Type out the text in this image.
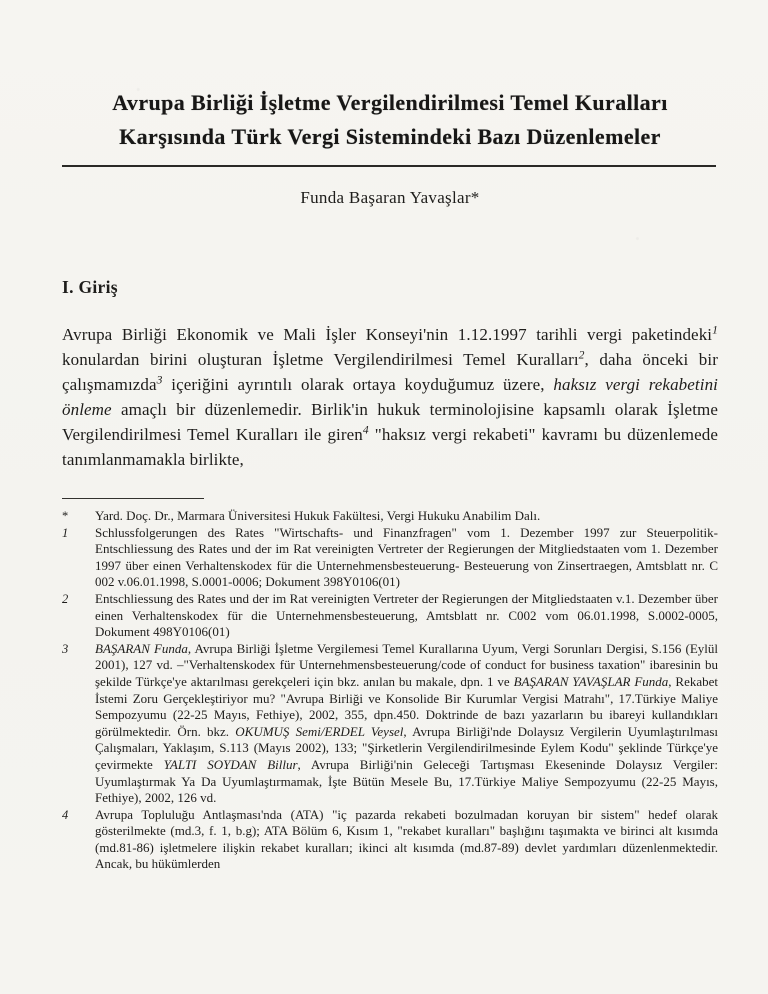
Avrupa Birliği İşletme Vergilendirilmesi Temel Kuralları
Karşısında Türk Vergi Sistemindeki Bazı Düzenlemeler
Funda Başaran Yavaşlar*
I. Giriş

Avrupa Birliği Ekonomik ve Mali İşler Konseyi'nin 1.12.1997 tarihli vergi paketindeki$^1$ konulardan birini oluşturan İşletme Vergilendirilmesi Temel Kuralları$^2$, daha önceki bir çalışmamızda$^3$ içeriğini ayrıntılı olarak ortaya koyduğumuz üzere, haksız vergi rekabetini önleme amaçlı bir düzenlemedir. Birlik'in hukuk terminolojisine kapsamlı olarak İşletme Vergilendirilmesi Temel Kuralları ile giren$^4$ "haksız vergi rekabeti" kavramı bu düzenlemede tanımlanmamakla birlikte,

*	Yard. Doç. Dr., Marmara Üniversitesi Hukuk Fakültesi, Vergi Hukuku Anabilim Dalı.
1	Schlussfolgerungen des Rates "Wirtschafts- und Finanzfragen" vom 1. Dezember 1997 zur Steuerpolitik- Entschliessung des Rates und der im Rat vereinigten Vertreter der Regierungen der Mitgliedstaaten vom 1. Dezember 1997 über einen Verhaltenskodex für die Unternehmensbesteuerung- Besteuerung von Zinsertraegen, Amtsblatt nr. C 002 v.06.01.1998, S.0001-0006; Dokument 398Y0106(01)
2	Entschliessung des Rates und der im Rat vereinigten Vertreter der Regierungen der Mitgliedstaaten v.1. Dezember über einen Verhaltenskodex für die Unternehmensbesteuerung, Amtsblatt nr. C002 vom 06.01.1998, S.0002-0005, Dokument 498Y0106(01)
3	BAŞARAN Funda, Avrupa Birliği İşletme Vergilemesi Temel Kurallarına Uyum, Vergi Sorunları Dergisi, S.156 (Eylül 2001), 127 vd. –"Verhaltenskodex für Unternehmensbesteuerung/code of conduct for business taxation" ibaresinin bu şekilde Türkçe'ye aktarılması gerekçeleri için bkz. anılan bu makale, dpn. 1 ve BAŞARAN YAVAŞLAR Funda, Rekabet İstemi Zoru Gerçekleştiriyor mu? "Avrupa Birliği ve Konsolide Bir Kurumlar Vergisi Matrahı", 17.Türkiye Maliye Sempozyumu (22-25 Mayıs, Fethiye), 2002, 355, dpn.450. Doktrinde de bazı yazarların bu ibareyi kullandıkları görülmektedir. Örn. bkz. OKUMUŞ Semi/ERDEL Veysel, Avrupa Birliği'nde Dolaysız Vergilerin Uyumlaştırılması Çalışmaları, Yaklaşım, S.113 (Mayıs 2002), 133; "Şirketlerin Vergilendirilmesinde Eylem Kodu" şeklinde Türkçe'ye çevirmekte YALTI SOYDAN Billur, Avrupa Birliği'nin Geleceği Tartışması Ekeseninde Dolaysız Vergiler: Uyumlaştırmak Ya Da Uyumlaştırmamak, İşte Bütün Mesele Bu, 17.Türkiye Maliye Sempozyumu (22-25 Mayıs, Fethiye), 2002, 126 vd.
4	Avrupa Topluluğu Antlaşması'nda (ATA) "iç pazarda rekabeti bozulmadan koruyan bir sistem" hedef olarak gösterilmekte (md.3, f. 1, b.g); ATA Bölüm 6, Kısım 1, "rekabet kuralları" başlığını taşımakta ve birinci alt kısımda (md.81-86) işletmelere ilişkin rekabet kuralları; ikinci alt kısımda (md.87-89) devlet yardımları düzenlenmektedir. Ancak, bu hükümlerden
